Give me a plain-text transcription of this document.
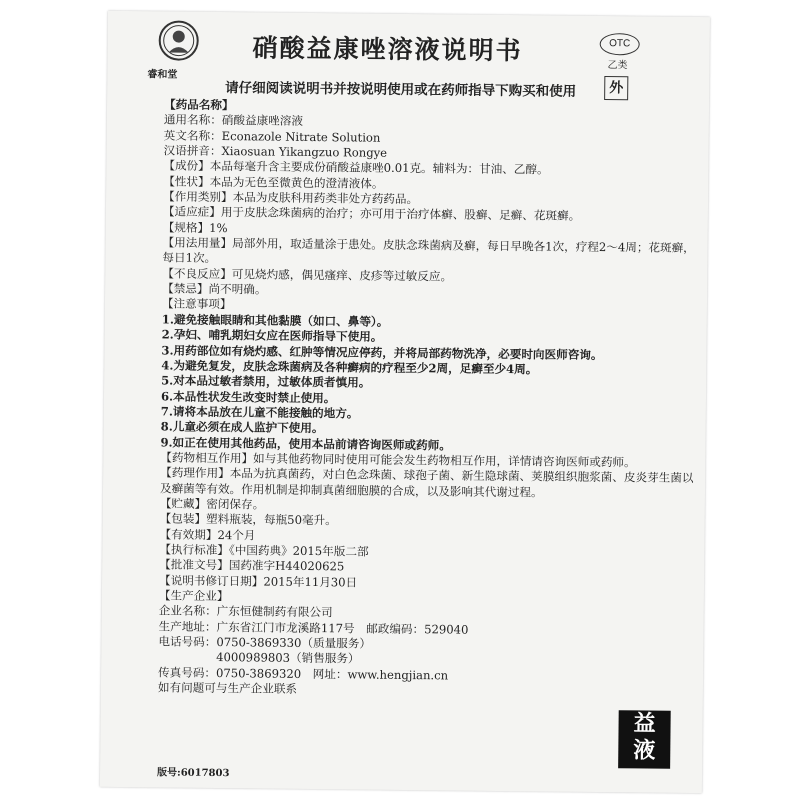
睿和堂
硝酸益康唑溶液说明书	OTC
乙类
请仔细阅读说明书并按说明使用或在药师指导下购买和使用	外
【药品名称】
通用名称：硝酸益康唑溶液
英文名称：Econazole Nitrate Solution
汉语拼音：Xiaosuan Yikangzuo Rongye
【成份】本品每毫升含主要成份硝酸益康唑0.01克。辅料为：甘油、乙醇。
【性状】本品为无色至微黄色的澄清液体。
【作用类别】本品为皮肤科用药类非处方药药品。
【适应症】用于皮肤念珠菌病的治疗；亦可用于治疗体癣、股癣、足癣、花斑癣。
【规格】1%
【用法用量】局部外用，取适量涂于患处。皮肤念珠菌病及癣，每日早晚各1次，疗程2～4周；花斑癣，每日1次。
【不良反应】可见烧灼感，偶见瘙痒、皮疹等过敏反应。
【禁忌】尚不明确。
【注意事项】
1.避免接触眼睛和其他黏膜（如口、鼻等）。
2.孕妇、哺乳期妇女应在医师指导下使用。
3.用药部位如有烧灼感、红肿等情况应停药，并将局部药物洗净，必要时向医师咨询。
4.为避免复发，皮肤念珠菌病及各种癣病的疗程至少2周，足癣至少4周。
5.对本品过敏者禁用，过敏体质者慎用。
6.本品性状发生改变时禁止使用。
7.请将本品放在儿童不能接触的地方。
8.儿童必须在成人监护下使用。
9.如正在使用其他药品，使用本品前请咨询医师或药师。
【药物相互作用】如与其他药物同时使用可能会发生药物相互作用，详情请咨询医师或药师。
【药理作用】本品为抗真菌药，对白色念珠菌、球孢子菌、新生隐球菌、荚膜组织胞浆菌、皮炎芽生菌以及癣菌等有效。作用机制是抑制真菌细胞膜的合成，以及影响其代谢过程。
【贮藏】密闭保存。
【包装】塑料瓶装，每瓶50毫升。
【有效期】24个月
【执行标准】《中国药典》2015年版二部
【批准文号】国药准字H44020625
【说明书修订日期】2015年11月30日
【生产企业】
企业名称：广东恒健制药有限公司
生产地址：广东省江门市龙溪路117号　邮政编码：529040
电话号码：0750-3869330（质量服务）
　　　　　4000989803（销售服务）
传真号码：0750-3869320　网址：www.hengjian.cn
如有问题可与生产企业联系
益
液
版号:6017803
